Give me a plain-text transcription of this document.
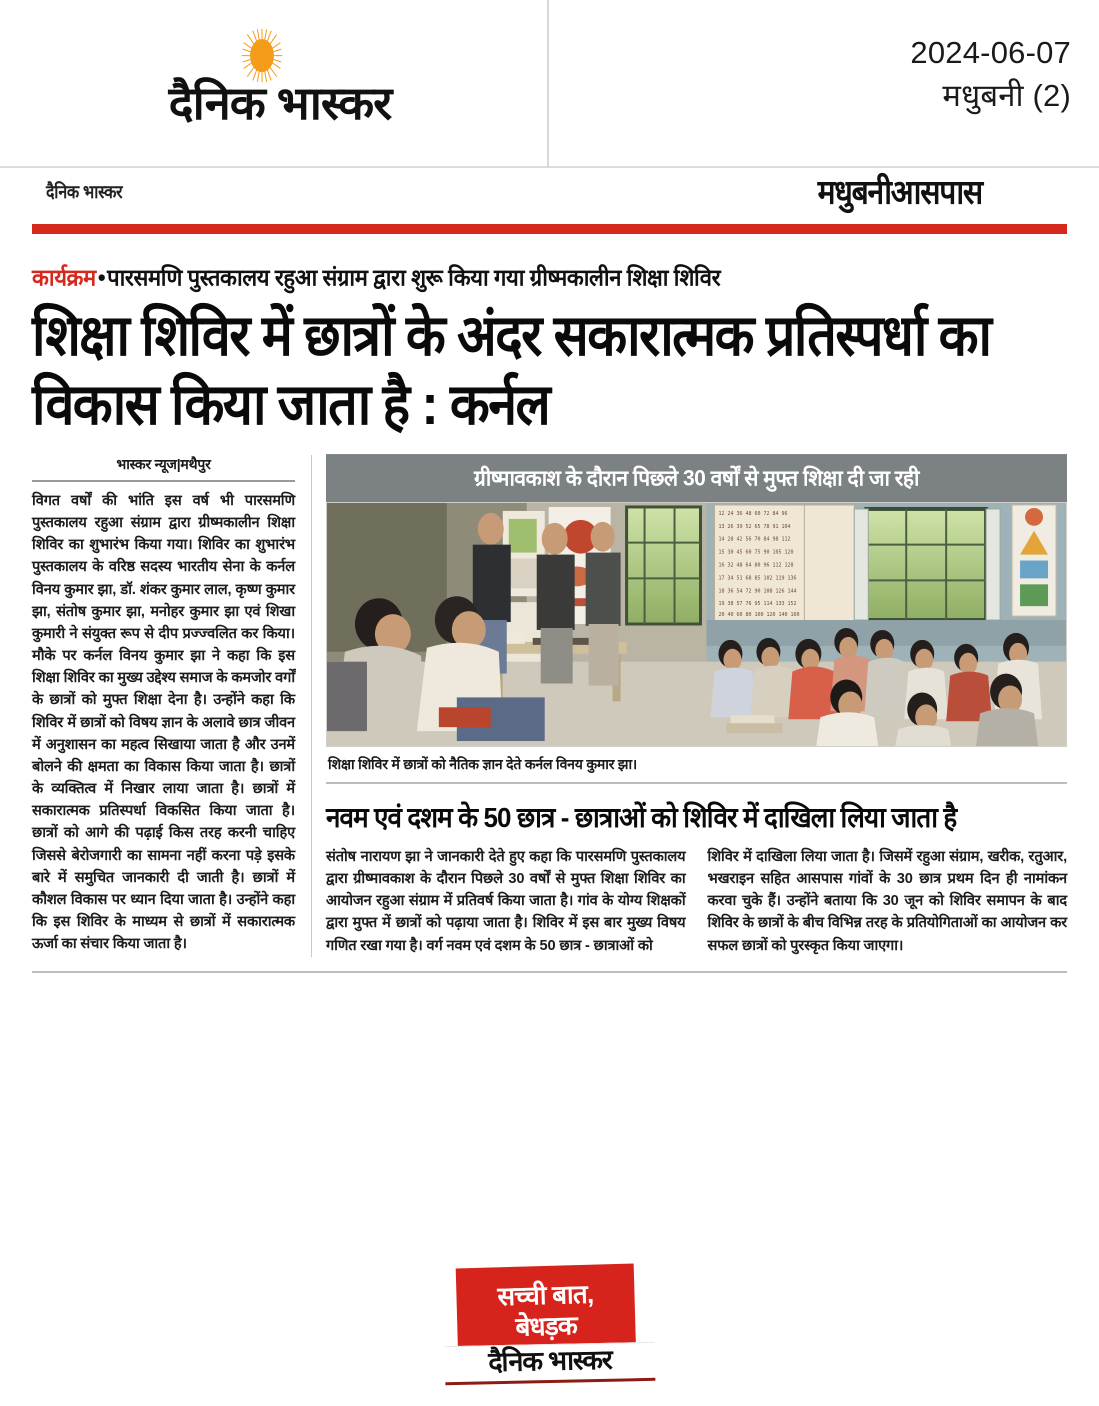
दैनिक भास्कर
2024-06-07
मधुबनी (2)
दैनिक भास्कर	मधुबनीआसपास
कार्यक्रम•पारसमणि पुस्तकालय रहुआ संग्राम द्वारा शुरू किया गया ग्रीष्मकालीन शिक्षा शिविर
शिक्षा शिविर में छात्रों के अंदर सकारात्मक प्रतिस्पर्धा का विकास किया जाता है : कर्नल
भास्कर न्यूज|मथैपुर
विगत वर्षों की भांति इस वर्ष भी पारसमणि पुस्तकालय रहुआ संग्राम द्वारा ग्रीष्मकालीन शिक्षा शिविर का शुभारंभ किया गया। शिविर का शुभारंभ पुस्तकालय के वरिष्ठ सदस्य भारतीय सेना के कर्नल विनय कुमार झा, डॉ. शंकर कुमार लाल, कृष्ण कुमार झा, संतोष कुमार झा, मनोहर कुमार झा एवं शिखा कुमारी ने संयुक्त रूप से दीप प्रज्ज्वलित कर किया। मौके पर कर्नल विनय कुमार झा ने कहा कि इस शिक्षा शिविर का मुख्य उद्देश्य समाज के कमजोर वर्गों के छात्रों को मुफ्त शिक्षा देना है। उन्होंने कहा कि शिविर में छात्रों को विषय ज्ञान के अलावे छात्र जीवन में अनुशासन का महत्व सिखाया जाता है और उनमें बोलने की क्षमता का विकास किया जाता है। छात्रों के व्यक्तित्व में निखार लाया जाता है। छात्रों में सकारात्मक प्रतिस्पर्धा विकसित किया जाता है। छात्रों को आगे की पढ़ाई किस तरह करनी चाहिए जिससे बेरोजगारी का सामना नहीं करना पड़े इसके बारे में समुचित जानकारी दी जाती है। छात्रों में कौशल विकास पर ध्यान दिया जाता है। उन्होंने कहा कि इस शिविर के माध्यम से छात्रों में सकारात्मक ऊर्जा का संचार किया जाता है।
ग्रीष्मावकाश के दौरान पिछले 30 वर्षों से मुफ्त शिक्षा दी जा रही
12 24 36 48 60 72 84 96
13 26 39 52 65 78 91 104
14 28 42 56 70 84 98 112
15 30 45 60 75 90 105 120
16 32 48 64 80 96 112 128
17 34 51 68 85 102 119 136
18 36 54 72 90 108 126 144
19 38 57 76 95 114 133 152
20 40 60 80 100 120 140 160
शिक्षा शिविर में छात्रों को नैतिक ज्ञान देते कर्नल विनय कुमार झा।
नवम एवं दशम के 50 छात्र - छात्राओं को शिविर में दाखिला लिया जाता है
संतोष नारायण झा ने जानकारी देते हुए कहा कि पारसमणि पुस्तकालय द्वारा ग्रीष्मावकाश के दौरान पिछले 30 वर्षों से मुफ्त शिक्षा शिविर का आयोजन रहुआ संग्राम में प्रतिवर्ष किया जाता है। गांव के योग्य शिक्षकों द्वारा मुफ्त में छात्रों को पढ़ाया जाता है। शिविर में इस बार मुख्य विषय गणित रखा गया है। वर्ग नवम एवं दशम के 50 छात्र - छात्राओं को
शिविर में दाखिला लिया जाता है। जिसमें रहुआ संग्राम, खरीक, रतुआर, भखराइन सहित आसपास गांवों के 30 छात्र प्रथम दिन ही नामांकन करवा चुके हैं। उन्होंने बताया कि 30 जून को शिविर समापन के बाद शिविर के छात्रों के बीच विभिन्न तरह के प्रतियोगिताओं का आयोजन कर सफल छात्रों को पुरस्कृत किया जाएगा।
सच्ची बात,
बेधड़क
दैनिक भास्कर
